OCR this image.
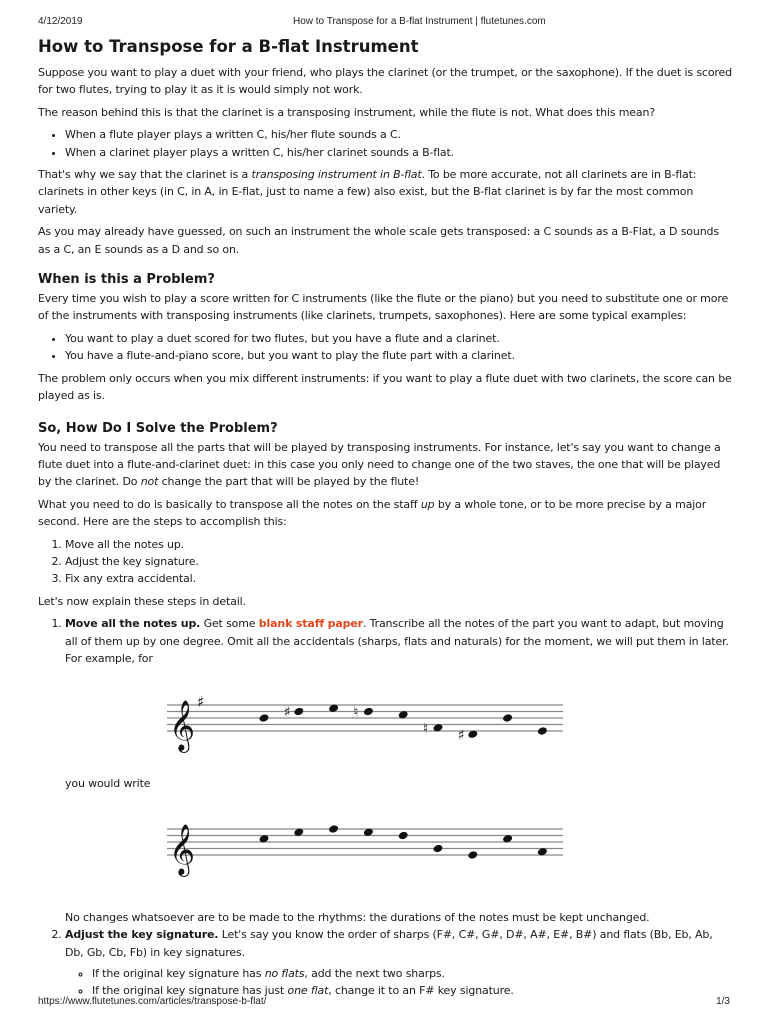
4/12/2019	How to Transpose for a B-flat Instrument | flutetunes.com
How to Transpose for a B-flat Instrument

Suppose you want to play a duet with your friend, who plays the clarinet (or the trumpet, or the saxophone). If the duet is scored for two flutes, trying to play it as it is would simply not work.

The reason behind this is that the clarinet is a transposing instrument, while the flute is not. What does this mean?

• When a flute player plays a written C, his/her flute sounds a C.
• When a clarinet player plays a written C, his/her clarinet sounds a B-flat.

That's why we say that the clarinet is a transposing instrument in B-flat. To be more accurate, not all clarinets are in B-flat: clarinets in other keys (in C, in A, in E-flat, just to name a few) also exist, but the B-flat clarinet is by far the most common variety.

As you may already have guessed, on such an instrument the whole scale gets transposed: a C sounds as a B-Flat, a D sounds as a C, an E sounds as a D and so on.

When is this a Problem?

Every time you wish to play a score written for C instruments (like the flute or the piano) but you need to substitute one or more of the instruments with transposing instruments (like clarinets, trumpets, saxophones). Here are some typical examples:

• You want to play a duet scored for two flutes, but you have a flute and a clarinet.
• You have a flute-and-piano score, but you want to play the flute part with a clarinet.

The problem only occurs when you mix different instruments: if you want to play a flute duet with two clarinets, the score can be played as is.

So, How Do I Solve the Problem?

You need to transpose all the parts that will be played by transposing instruments. For instance, let's say you want to change a flute duet into a flute-and-clarinet duet: in this case you only need to change one of the two staves, the one that will be played by the clarinet. Do not change the part that will be played by the flute!

What you need to do is basically to transpose all the notes on the staff up by a whole tone, or to be more precise by a major second. Here are the steps to accomplish this:

1. Move all the notes up.
2. Adjust the key signature.
3. Fix any extra accidental.

Let's now explain these steps in detail.

1. Move all the notes up. Get some blank staff paper. Transcribe all the notes of the part you want to adapt, but moving all of them up by one degree. Omit all the accidentals (sharps, flats and naturals) for the moment, we will put them in later.
For example, for
𝄞 ♯
♯	♮
♮ ♯
you would write
𝄞
No changes whatsoever are to be made to the rhythms: the durations of the notes must be kept unchanged.
2. Adjust the key signature. Let's say you know the order of sharps (F#, C#, G#, D#, A#, E#, B#) and flats (Bb, Eb, Ab, Db, Gb, Cb, Fb) in key signatures.
◦ If the original key signature has no flats, add the next two sharps.
◦ If the original key signature has just one flat, change it to an F# key signature.
https://www.flutetunes.com/articles/transpose-b-flat/	1/3
